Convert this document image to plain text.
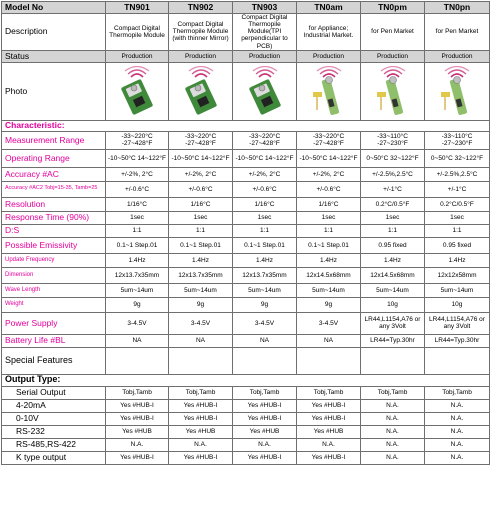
Model No	TN901	TN902	TN903	TN0am	TN0pm	TN0pn
Description	Compact Digital Thermopile Module	Compact Digital Thermopile Module (with thinner Mirror)	Compact Digital Thermopile Module(TPI perpendicular to PCB)	for Appliance; Industrial Market.	for Pen Market	for Pen Market
Status	Production	Production	Production	Production	Production	Production
Photo	

Characteristic:						
Measurement Range	-33~220°C -27~428°F	-33~220°C -27~428°F	-33~220°C -27~428°F	-33~220°C -27~428°F	-33~110°C -27~230°F	-33~110°C -27~230°F
Operating Range	-10~50°C 14~122°F	-10~50°C 14~122°F	-10~50°C 14~122°F	-10~50°C 14~122°F	0~50°C 32~122°F	0~50°C 32~122°F
Accuracy #AC	+/-2%, 2°C	+/-2%, 2°C	+/-2%, 2°C	+/-2%, 2°C	+/-2.5%,2.5°C	+/-2.5%,2.5°C
Accuracy #AC2 Tobj=15-35, Tamb=25	+/-0.6°C	+/-0.6°C	+/-0.6°C	+/-0.6°C	+/-1°C	+/-1°C
Resolution	1/16°C	1/16°C	1/16°C	1/16°C	0.2°C/0.5°F	0.2°C/0.5°F
Response Time (90%)	1sec	1sec	1sec	1sec	1sec	1sec
D:S	1:1	1:1	1:1	1:1	1:1	1:1
Possible Emissivity	0.1~1 Step.01	0.1~1 Step.01	0.1~1 Step.01	0.1~1 Step.01	0.95 fixed	0.95 fixed
Update Frequency	1.4Hz	1.4Hz	1.4Hz	1.4Hz	1.4Hz	1.4Hz
Dimension	12x13.7x35mm	12x13.7x35mm	12x13.7x35mm	12x14.5x68mm	12x14.5x68mm	12x12x58mm
Wave Length	5um~14um	5um~14um	5um~14um	5um~14um	5um~14um	5um~14um
Weight	9g	9g	9g	9g	10g	10g
Power Supply	3-4.5V	3-4.5V	3-4.5V	3-4.5V	LR44,L1154,A76 or any 3Volt	LR44,L1154,A76 or any 3Volt
Battery Life #BL	NA	NA	NA	NA	LR44=Typ.30hr	LR44=Typ.30hr
Special Features						
Output Type:						
Serial Output	Tobj,Tamb	Tobj,Tamb	Tobj,Tamb	Tobj,Tamb	Tobj,Tamb	Tobj,Tamb
4-20mA	Yes #HUB-I	Yes #HUB-I	Yes #HUB-I	Yes #HUB-I	N.A.	N.A.
0-10V	Yes #HUB-I	Yes #HUB-I	Yes #HUB-I	Yes #HUB-I	N.A.	N.A.
RS-232	Yes #HUB	Yes #HUB	Yes #HUB	Yes #HUB	N.A.	N.A.
RS-485,RS-422	N.A.	N.A.	N.A.	N.A.	N.A.	N.A.
K type output	Yes #HUB-I	Yes #HUB-I	Yes #HUB-I	Yes #HUB-I	N.A.	N.A.
